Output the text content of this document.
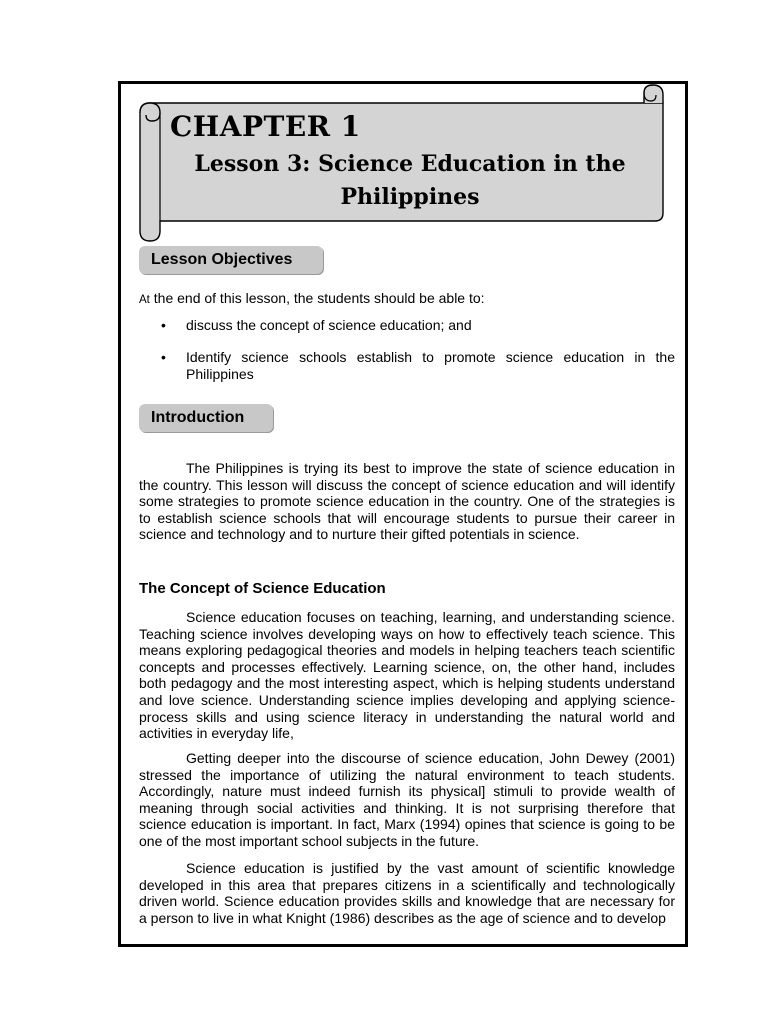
CHAPTER 1
Lesson 3: Science Education in the Philippines
Lesson Objectives
At the end of this lesson, the students should be able to:
• discuss the concept of science education; and
• Identify science schools establish to promote science education in the Philippines
Introduction

The Philippines is trying its best to improve the state of science education in the country. This lesson will discuss the concept of science education and will identify some strategies to promote science education in the country. One of the strategies is to establish science schools that will encourage students to pursue their career in science and technology and to nurture their gifted potentials in science.

The Concept of Science Education

Science education focuses on teaching, learning, and understanding science. Teaching science involves developing ways on how to effectively teach science. This means exploring pedagogical theories and models in helping teachers teach scientific concepts and processes effectively. Learning science, on, the other hand, includes both pedagogy and the most interesting aspect, which is helping students understand and love science. Understanding science implies developing and applying science-process skills and using science literacy in understanding the natural world and activities in everyday life,

Getting deeper into the discourse of science education, John Dewey (2001) stressed the importance of utilizing the natural environment to teach students. Accordingly, nature must indeed furnish its physical] stimuli to provide wealth of meaning through social activities and thinking. It is not surprising therefore that science education is important. In fact, Marx (1994) opines that science is going to be one of the most important school subjects in the future.

Science education is justified by the vast amount of scientific knowledge developed in this area that prepares citizens in a scientifically and technologically driven world. Science education provides skills and knowledge that are necessary for a person to live in what Knight (1986) describes as the age of science and to develop
